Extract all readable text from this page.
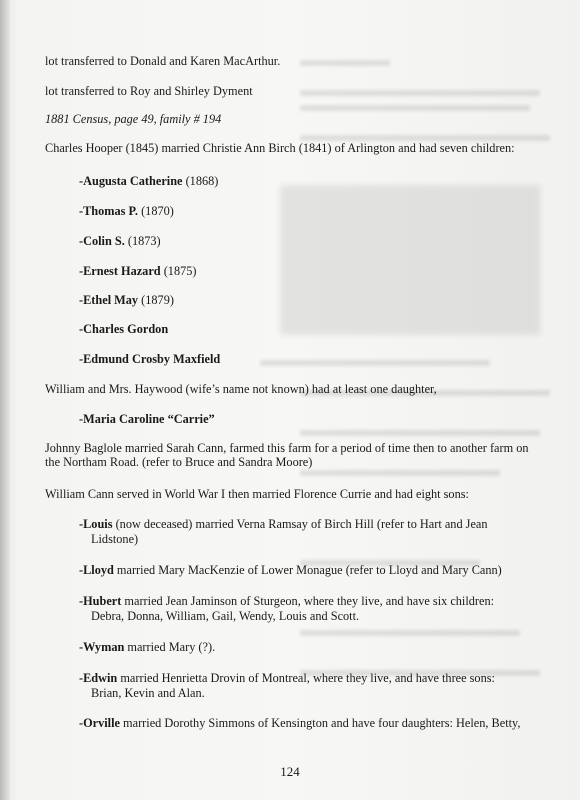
lot transferred to Donald and Karen MacArthur.
lot transferred to Roy and Shirley Dyment
1881 Census, page 49, family # 194
Charles Hooper (1845) married Christie Ann Birch (1841) of Arlington and had seven children:
-Augusta Catherine (1868)
-Thomas P. (1870)
-Colin S. (1873)
-Ernest Hazard (1875)
-Ethel May (1879)
-Charles Gordon
-Edmund Crosby Maxfield
William and Mrs. Haywood (wife’s name not known) had at least one daughter,
-Maria Caroline “Carrie”
Johnny Baglole married Sarah Cann, farmed this farm for a period of time then to another farm on
the Northam Road. (refer to Bruce and Sandra Moore)
William Cann served in World War I then married Florence Currie and had eight sons:
-Louis (now deceased) married Verna Ramsay of Birch Hill (refer to Hart and Jean
Lidstone)
-Lloyd married Mary MacKenzie of Lower Monague (refer to Lloyd and Mary Cann)
-Hubert married Jean Jaminson of Sturgeon, where they live, and have six children:
Debra, Donna, William, Gail, Wendy, Louis and Scott.
-Wyman married Mary (?).
-Edwin married Henrietta Drovin of Montreal, where they live, and have three sons:
Brian, Kevin and Alan.
-Orville married Dorothy Simmons of Kensington and have four daughters: Helen, Betty,
124
